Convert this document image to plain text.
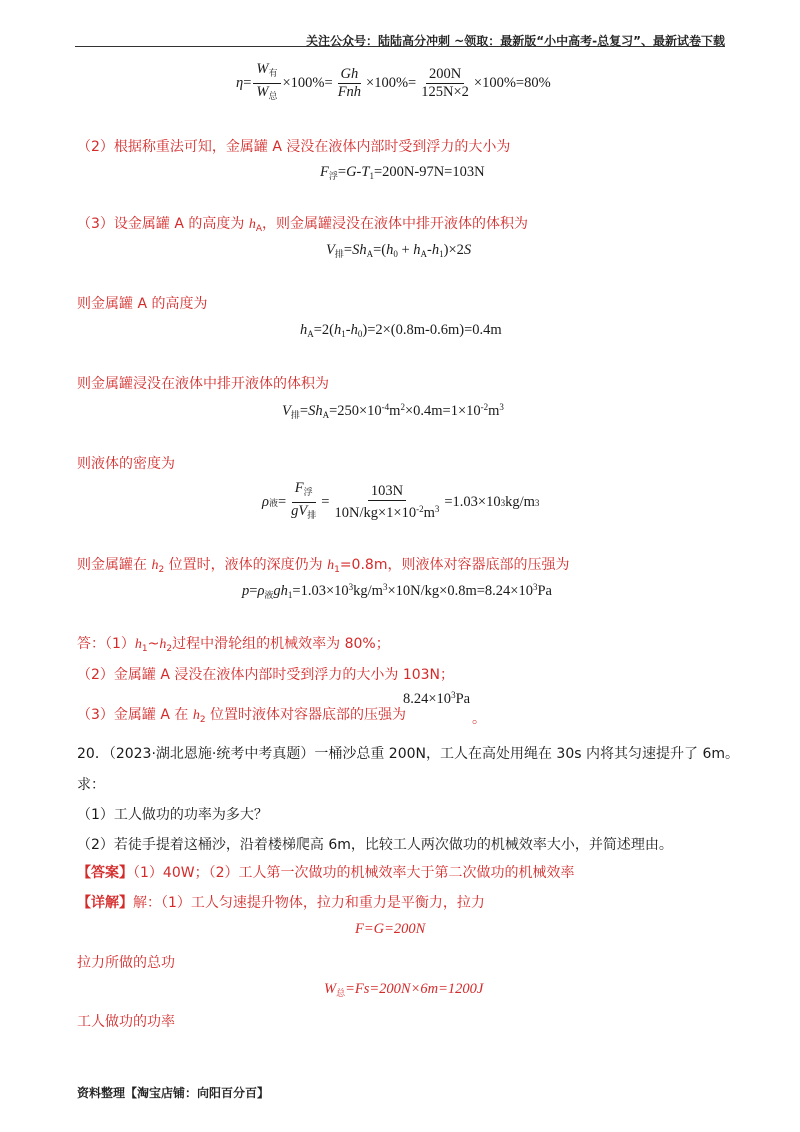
关注公众号：陆陆高分冲刺 ~领取：最新版“小中高考-总复习”、最新试卷下载
$\eta = \frac{W_有}{W_总} \times 100\%= \frac{Gh}{\text{Fnh}} \times 100\%= \frac{200N}{125N\times 2} \times 100\%=80\%$
（2）根据称重法可知，金属罐 A 浸没在液体内部时受到浮力的大小为
$F_浮=G-T_1=200N-97N=103N$
（3）设金属罐 A 的高度为 $h_A$，则金属罐浸没在液体中排开液体的体积为
$V_排=Sh_A=(h_0 + h_A-h_1)\times 2S$
则金属罐 A 的高度为
$h_A=2(h_1-h_0)=2\times(0.8m-0.6m)=0.4m$
则金属罐浸没在液体中排开液体的体积为
$V_排=Sh_A=250\times 10^{-4}m^2\times 0.4m=1\times 10^{-2}m^3$
则液体的密度为
ρ 液 = $\frac{F_浮}{gV_排} = \frac{103N}{10N/kg\times 1\times 10^{-2}m^3} =1.03\times 10$ 3 kg/m 3
则金属罐在 $h_2$ 位置时，液体的深度仍为 $h_1=0.8m$，则液体对容器底部的压强为
$p=\rho_液gh_1=1.03\times 10^3kg/m^3\times 10N/kg\times 0.8m=8.24\times 10^3Pa$
答：$(1)h_1\sim h_2$过程中滑轮组的机械效率为 80%；
（2）金属罐 A 浸没在液体内部时受到浮力的大小为 103N；
（3）金属罐 A 在 $h_2$ 位置时液体对容器底部的压强为
$8.24\times 10^3Pa$
。
20．（2023·湖北恩施·统考中考真题）一桶沙总重 200N，工人在高处用绳在 30s 内将其匀速提升了 6m。
求：
（1）工人做功的功率为多大？
（2）若徒手提着这桶沙，沿着楼梯爬高 6m，比较工人两次做功的机械效率大小，并简述理由。
【答案】（1）40W；（2）工人第一次做功的机械效率大于第二次做功的机械效率
【详解】解：（1）工人匀速提升物体，拉力和重力是平衡力，拉力
F=G=200N
拉力所做的总功
$W_总=Fs=200N\times 6m=1200J$
工人做功的功率
资料整理【淘宝店铺：向阳百分百】
